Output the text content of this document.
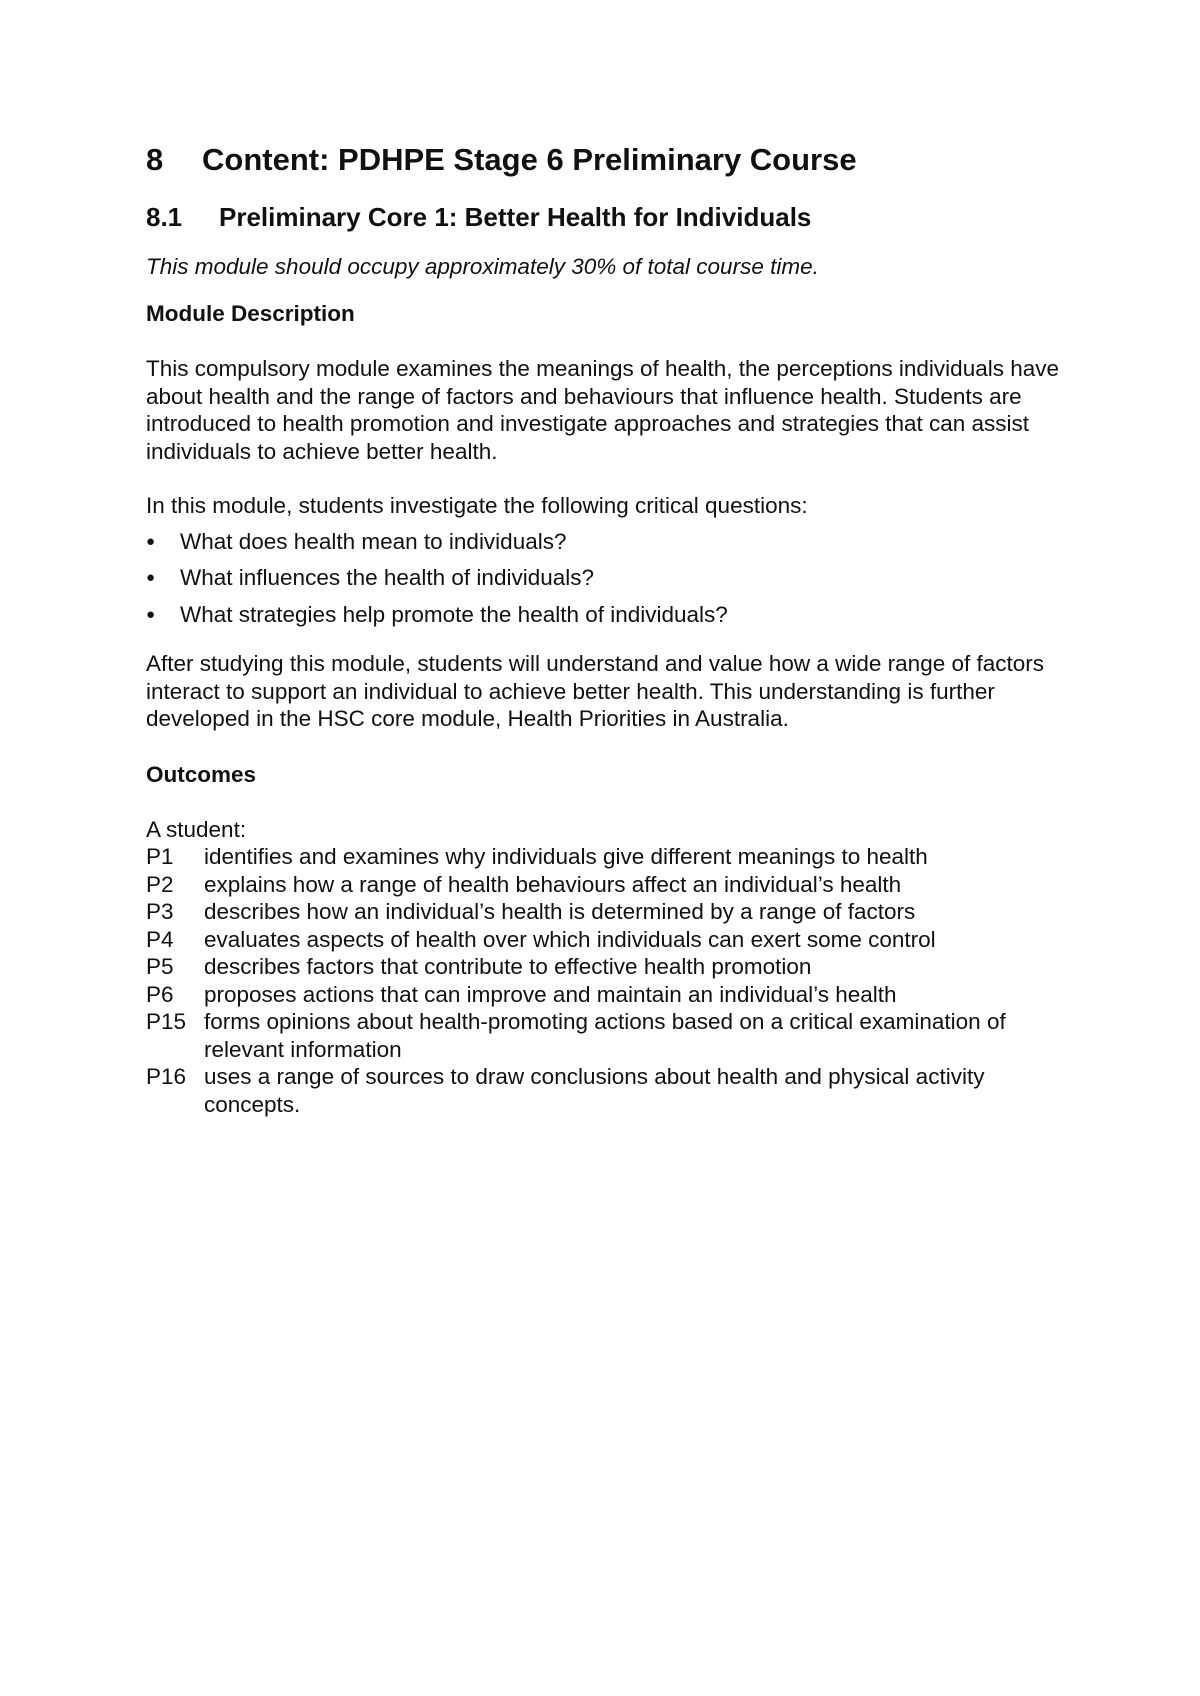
8	Content: PDHPE Stage 6 Preliminary Course
8.1	Preliminary Core 1: Better Health for Individuals
This module should occupy approximately 30% of total course time.
Module Description

This compulsory module examines the meanings of health, the perceptions individuals have about health and the range of factors and behaviours that influence health. Students are introduced to health promotion and investigate approaches and strategies that can assist individuals to achieve better health.

In this module, students investigate the following critical questions:

●	What does health mean to individuals?
●	What influences the health of individuals?
●	What strategies help promote the health of individuals?

After studying this module, students will understand and value how a wide range of factors interact to support an individual to achieve better health. This understanding is further developed in the HSC core module, Health Priorities in Australia.

Outcomes
A student:
P1	identifies and examines why individuals give different meanings to health
P2	explains how a range of health behaviours affect an individual’s health
P3	describes how an individual’s health is determined by a range of factors
P4	evaluates aspects of health over which individuals can exert some control
P5	describes factors that contribute to effective health promotion
P6	proposes actions that can improve and maintain an individual’s health
P15 forms opinions about health-promoting actions based on a critical examination of relevant information
P16 uses a range of sources to draw conclusions about health and physical activity concepts.
